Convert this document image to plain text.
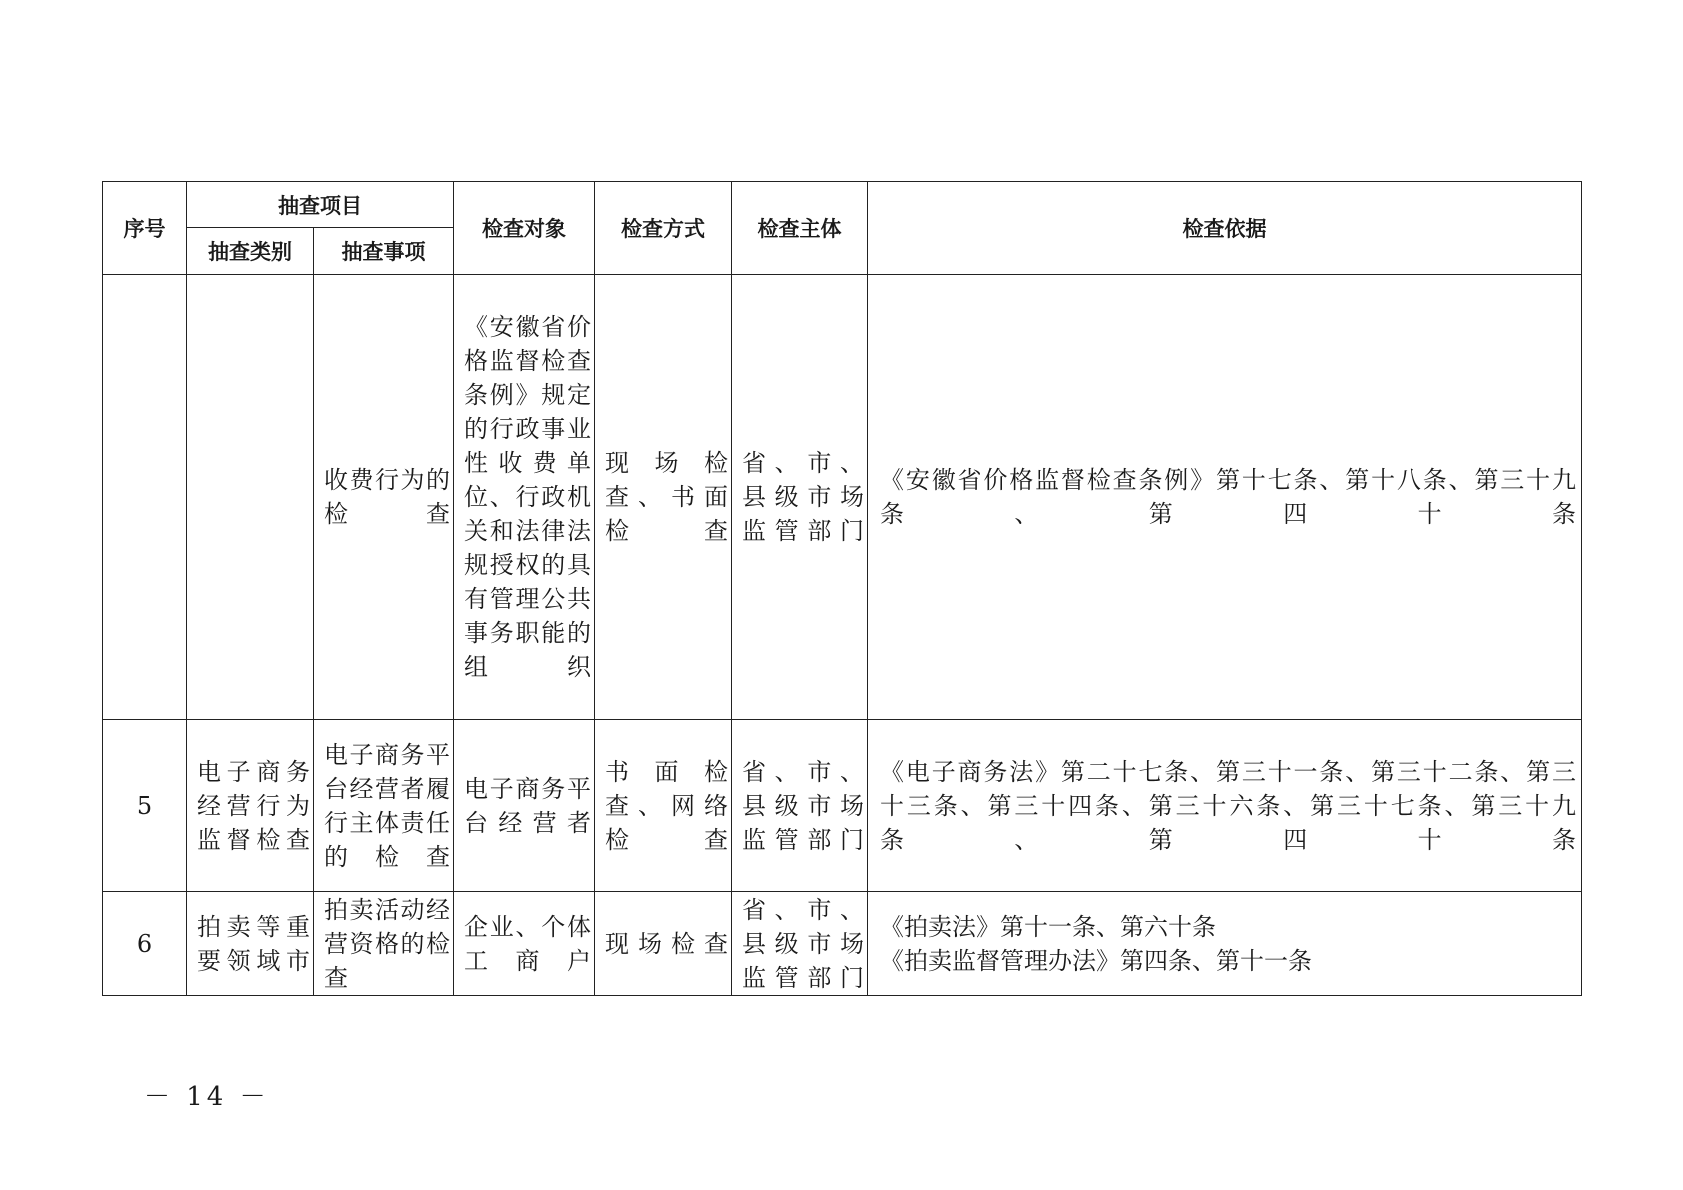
序号	抽查项目		检查对象	检查方式	检查主体	检查依据
	抽查类别	抽查事项				
		收费行为的检查	《安徽省价格监督检查条例》规定的行政事业性收费单位、行政机关和法律法规授权的具有管理公共事务职能的组织	现场检查、书面检查	省、市、县级市场监管部门	《安徽省价格监督检查条例》第十七条、第十八条、第三十九条、第四十条
5	电子商务经营行为监督检查	电子商务平台经营者履行主体责任的检查	电子商务平台经营者	书面检查、网络检查	省、市、县级市场监管部门	《电子商务法》第二十七条、第三十一条、第三十二条、第三十三条、第三十四条、第三十六条、第三十七条、第三十九条、第四十条
6	拍卖等重要领域市	拍卖活动经营资格的检查	企业、个体工商户	现场检查	省、市、县级市场监管部门	《拍卖法》第十一条、第六十条
《拍卖监督管理办法》第四条、第十一条
－ 14 －
